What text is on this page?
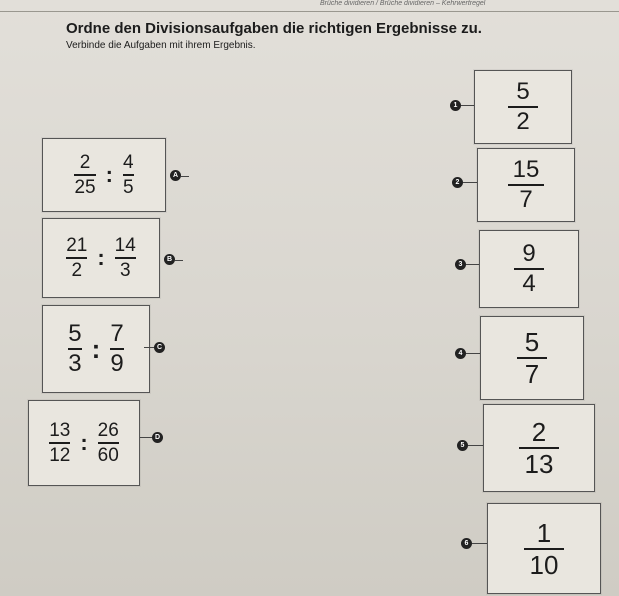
Brüche dividieren / Brüche dividieren – Kehrwertregel
Ordne den Divisionsaufgaben die richtigen Ergebnisse zu.
Verbinde die Aufgaben mit ihrem Ergebnis.
$\frac{2}{25}$ : $\frac{4}{5}$	A
$\frac{21}{2}$ : $\frac{14}{3}$	B
$\frac{5}{3}$ : $\frac{7}{9}$	C
$\frac{13}{12}$ : $\frac{26}{60}$	D
$1 \frac{5}{2}$
$2 \frac{15}{7}$
$3 \frac{9}{4}$
$4 \frac{5}{7}$
$5 \frac{2}{13}$
$6 \frac{1}{10}$
